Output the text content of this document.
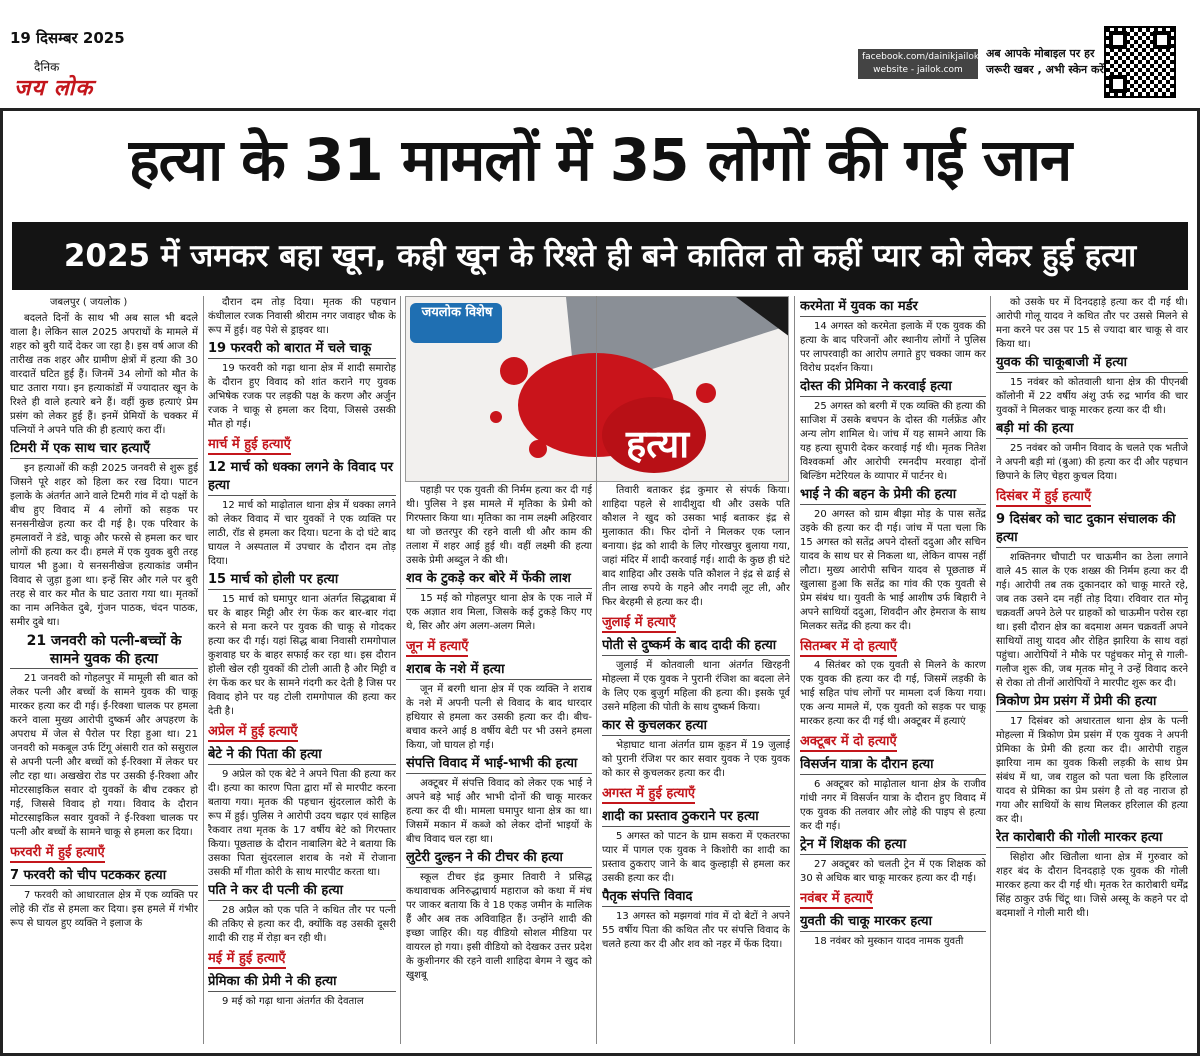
19 दिसम्बर 2025
दैनिक
जय लोक
facebook.com/dainikjailok
website - jailok.com
अब आपके मोबाइल पर हर
जरूरी खबर , अभी स्केन करें
हत्या के 31 मामलों में 35 लोगों की गई जान
2025 में जमकर बहा खून, कही खून के रिश्ते ही बने कातिल तो कहीं प्यार को लेकर हुई हत्या
जयलोक विशेष
हत्या

जबलपुर ( जयलोक )

बदलते दिनों के साथ भी अब साल भी बदले वाला है। लेकिन साल 2025 अपराधों के मामले में शहर को बुरी यादें देकर जा रहा है। इस वर्ष आज की तारीख तक शहर और ग्रामीण क्षेत्रों में हत्या की 30 वारदातें घटित हुई हैं। जिनमें 34 लोगों को मौत के घाट उतारा गया। इन हत्याकांडों में ज्यादातर खून के रिश्ते ही वाले हत्यारे बने हैं। वहीं कुछ हत्याएं प्रेम प्रसंग को लेकर हुई हैं। इनमें प्रेमियों के चक्कर में पत्नियों ने अपने पति की ही हत्याएं करा दीं।

टिमरी में एक साथ चार हत्याएँ

इन हत्याओं की कड़ी 2025 जनवरी से शुरू हुई जिसने पूरे शहर को हिला कर रख दिया। पाटन इलाके के अंतर्गत आने वाले टिमरी गांव में दो पक्षों के बीच हुए विवाद में 4 लोगों को सड़क पर सनसनीखेज हत्या कर दी गई है। एक परिवार के हमलावरों ने डंडे, चाकू और फरसे से हमला कर चार लोगों की हत्या कर दी। हमले में एक युवक बुरी तरह घायल भी हुआ। ये सनसनीखेज हत्याकांड जमीन विवाद से जुड़ा हुआ था। इन्हें सिर और गले पर बुरी तरह से वार कर मौत के घाट उतारा गया था। मृतकों का नाम अनिकेत दुबे, गुंजन पाठक, चंदन पाठक, समीर दुबे था।

21 जनवरी को पत्नी-बच्चों के सामने युवक की हत्या

21 जनवरी को गोहलपुर में मामूली सी बात को लेकर पत्नी और बच्चों के सामने युवक की चाकू मारकर हत्या कर दी गई। ई-रिक्शा चालक पर हमला करने वाला मुख्य आरोपी दुष्कर्म और अपहरण के अपराध में जेल से पैरोल पर रिहा हुआ था। 21 जनवरी को मकबूल उर्फ टिंगू अंसारी रात को ससुराल से अपनी पत्नी और बच्चों को ई-रिक्शा में लेकर घर लौट रहा था। अखखेरा रोड पर उसकी ई-रिक्शा और मोटरसाइकिल सवार दो युवकों के बीच टक्कर हो गई, जिससे विवाद हो गया। विवाद के दौरान मोटरसाइकिल सवार युवकों ने ई-रिक्शा चालक पर पत्नी और बच्चों के सामने चाकू से हमला कर दिया।

फरवरी में हुई हत्याएँ
7 फरवरी को चीप पटककर हत्या

7 फरवरी को आधारताल क्षेत्र में एक व्यक्ति पर लोहे की रॉड से हमला कर दिया। इस हमले में गंभीर रूप से घायल हुए व्यक्ति ने इलाज के

दौरान दम तोड़ दिया। मृतक की पहचान कंधीलाल रजक निवासी श्रीराम नगर जवाहर चौक के रूप में हुई। वह पेशे से ड्राइवर था।

19 फरवरी को बारात में चले चाकू

19 फरवरी को गढ़ा थाना क्षेत्र में शादी समारोह के दौरान हुए विवाद को शांत कराने गए युवक अभिषेक रजक पर लड़की पक्ष के करण और अर्जुन रजक ने चाकू से हमला कर दिया, जिससे उसकी मौत हो गई।

मार्च में हुई हत्याएँ
12 मार्च को धक्का लगने के विवाद पर हत्या

12 मार्च को माढ़ोताल थाना क्षेत्र में धक्का लगने को लेकर विवाद में चार युवकों ने एक व्यक्ति पर लाठी, रॉड से हमला कर दिया। घटना के दो घंटे बाद घायल ने अस्पताल में उपचार के दौरान दम तोड़ दिया।

15 मार्च को होली पर हत्या

15 मार्च को घमापुर थाना अंतर्गत सिद्धबाबा में घर के बाहर मिट्टी और रंग फेंक कर बार-बार गंदा करने से मना करने पर युवक की चाकू से गोदकर हत्या कर दी गई। यहां सिद्ध बाबा निवासी रामगोपाल कुशवाह घर के बाहर सफाई कर रहा था। इस दौरान होली खेल रही युवकों की टोली आती है और मिट्टी व रंग फेंक कर घर के सामने गंदगी कर देती है जिस पर विवाद होने पर यह टोली रामगोपाल की हत्या कर देती है।

अप्रेल में हुई हत्याएँ
बेटे ने की पिता की हत्या

9 अप्रेल को एक बेटे ने अपने पिता की हत्या कर दी। हत्या का कारण पिता द्वारा माँ से मारपीट करना बताया गया। मृतक की पहचान सुंदरलाल कोरी के रूप में हुई। पुलिस ने आरोपी उदय चढ़ार एवं साहिल रैकवार तथा मृतक के 17 वर्षीय बेटे को गिरफ्तार किया। पूछताछ के दौरान नाबालिग बेटे ने बताया कि उसका पिता सुंदरलाल शराब के नशे में रोजाना उसकी माँ गीता कोरी के साथ मारपीट करता था।

पति ने कर दी पत्नी की हत्या

28 अप्रैल को एक पति ने कथित तौर पर पत्नी की तकिए से हत्या कर दी, क्योंकि वह उसकी दूसरी शादी की राह में रोड़ा बन रही थी।

मई में हुई हत्याएँ
प्रेमिका की प्रेमी ने की हत्या

9 मई को गढ़ा थाना अंतर्गत की देवताल

पहाड़ी पर एक युवती की निर्मम हत्या कर दी गई थी। पुलिस ने इस मामले में मृतिका के प्रेमी को गिरफ्तार किया था। मृतिका का नाम लक्ष्मी अहिरवार था जो छतरपुर की रहने वाली थी और काम की तलाश में शहर आई हुई थी। वहीं लक्ष्मी की हत्या उसके प्रेमी अब्दुल ने की थी।

शव के टुकड़े कर बोरे में फेंकी लाश

15 मई को गोहलपुर थाना क्षेत्र के एक नाले में एक अज्ञात शव मिला, जिसके कई टुकड़े किए गए थे, सिर और अंग अलग-अलग मिले।

जून में हत्याएँ
शराब के नशे में हत्या

जून में बरगी थाना क्षेत्र में एक व्यक्ति ने शराब के नशे में अपनी पत्नी से विवाद के बाद धारदार हथियार से हमला कर उसकी हत्या कर दी। बीच-बचाव करने आई 8 वर्षीय बेटी पर भी उसने हमला किया, जो घायल हो गई।

संपत्ति विवाद में भाई-भाभी की हत्या

अक्टूबर में संपत्ति विवाद को लेकर एक भाई ने अपने बड़े भाई और भाभी दोनों की चाकू मारकर हत्या कर दी थी। मामला घमापुर थाना क्षेत्र का था। जिसमें मकान में कब्जे को लेकर दोनों भाइयों के बीच विवाद चल रहा था।

लुटेरी दुल्हन ने की टीचर की हत्या

स्कूल टीचर इंद्र कुमार तिवारी ने प्रसिद्ध कथावाचक अनिरुद्धाचार्य महाराज को कथा में मंच पर जाकर बताया कि वे 18 एकड़ जमीन के मालिक हैं और अब तक अविवाहित हैं। उन्होंने शादी की इच्छा जाहिर की। यह वीडियो सोशल मीडिया पर वायरल हो गया। इसी वीडियो को देखकर उत्तर प्रदेश के कुशीनगर की रहने वाली शाहिदा बेगम ने खुद को खुशबू

तिवारी बताकर इंद्र कुमार से संपर्क किया। शाहिदा पहले से शादीशुदा थी और उसके पति कौशल ने खुद को उसका भाई बताकर इंद्र से मुलाकात की। फिर दोनों ने मिलकर एक प्लान बनाया। इंद्र को शादी के लिए गोरखपुर बुलाया गया, जहां मंदिर में शादी करवाई गई। शादी के कुछ ही घंटे बाद शाहिदा और उसके पति कौशल ने इंद्र से ढाई से तीन लाख रुपये के गहने और नगदी लूट ली, और फिर बेरहमी से हत्या कर दी।

जुलाई में हत्याएँ
पोती से दुष्कर्म के बाद दादी की हत्या

जुलाई में कोतवाली थाना अंतर्गत खिरहनी मोहल्ला में एक युवक ने पुरानी रंजिश का बदला लेने के लिए एक बुजुर्ग महिला की हत्या की। इसके पूर्व उसने महिला की पोती के साथ दुष्कर्म किया।

कार से कुचलकर हत्या

भेड़ाघाट थाना अंतर्गत ग्राम कूड़न में 19 जुलाई को पुरानी रंजिश पर कार सवार युवक ने एक युवक को कार से कुचलकर हत्या कर दी।

अगस्त में हुई हत्याएँ
शादी का प्रस्ताव ठुकराने पर हत्या

5 अगस्त को पाटन के ग्राम सकरा में एकतरफा प्यार में पागल एक युवक ने किशोरी का शादी का प्रस्ताव ठुकराए जाने के बाद कुल्हाड़ी से हमला कर उसकी हत्या कर दी।

पैतृक संपत्ति विवाद

13 अगस्त को मझगवां गांव में दो बेटों ने अपने 55 वर्षीय पिता की कथित तौर पर संपत्ति विवाद के चलते हत्या कर दी और शव को नहर में फेंक दिया।

करमेता में युवक का मर्डर

14 अगस्त को करमेता इलाके में एक युवक की हत्या के बाद परिजनों और स्थानीय लोगों ने पुलिस पर लापरवाही का आरोप लगाते हुए चक्का जाम कर विरोध प्रदर्शन किया।

दोस्त की प्रेमिका ने करवाई हत्या

25 अगस्त को बरगी में एक व्यक्ति की हत्या की साजिश में उसके बचपन के दोस्त की गर्लफ्रेंड और अन्य लोग शामिल थे। जांच में यह सामने आया कि यह हत्या सुपारी देकर करवाई गई थी। मृतक नितेश विश्वकर्मा और आरोपी रमनदीप मरवाहा दोनों बिल्डिंग मटेरियल के व्यापार में पार्टनर थे।

भाई ने की बहन के प्रेमी की हत्या

20 अगस्त को ग्राम बीझा मोड़ के पास सतेंद्र उइके की हत्या कर दी गई। जांच में पता चला कि 15 अगस्त को सतेंद्र अपने दोस्तों ददुआ और सचिन यादव के साथ घर से निकला था, लेकिन वापस नहीं लौटा। मुख्य आरोपी सचिन यादव से पूछताछ में खुलासा हुआ कि सतेंद्र का गांव की एक युवती से प्रेम संबंध था। युवती के भाई आशीष उर्फ बिहारी ने अपने साथियों ददुआ, शिवदीन और हेमराज के साथ मिलकर सतेंद्र की हत्या कर दी।

सितम्बर में दो हत्याएँ

4 सितंबर को एक युवती से मिलने के कारण एक युवक की हत्या कर दी गई, जिसमें लड़की के भाई सहित पांच लोगों पर मामला दर्ज किया गया। एक अन्य मामले में, एक युवती को सड़क पर चाकू मारकर हत्या कर दी गई थी। अक्टूबर में हत्याएं

अक्टूबर में दो हत्याएँ
विसर्जन यात्रा के दौरान हत्या

6 अक्टूबर को माढ़ोताल थाना क्षेत्र के राजीव गांधी नगर में विसर्जन यात्रा के दौरान हुए विवाद में एक युवक की तलवार और लोहे की पाइप से हत्या कर दी गई।

ट्रेन में शिक्षक की हत्या

27 अक्टूबर को चलती ट्रेन में एक शिक्षक को 30 से अधिक बार चाकू मारकर हत्या कर दी गई।

नवंबर में हत्याएँ
युवती की चाकू मारकर हत्या

18 नवंबर को मुस्कान यादव नामक युवती

को उसके घर में दिनदहाड़े हत्या कर दी गई थी। आरोपी गोलू यादव ने कथित तौर पर उससे मिलने से मना करने पर उस पर 15 से ज्यादा बार चाकू से वार किया था।

युवक की चाकूबाजी में हत्या

15 नवंबर को कोतवाली थाना क्षेत्र की पीएनबी कॉलोनी में 22 वर्षीय अंशु उर्फ रुद्र भार्गव की चार युवकों ने मिलकर चाकू मारकर हत्या कर दी थी।

बड़ी मां की हत्या

25 नवंबर को जमीन विवाद के चलते एक भतीजे ने अपनी बड़ी मां (बुआ) की हत्या कर दी और पहचान छिपाने के लिए चेहरा कुचल दिया।

दिसंबर में हुई हत्याएँ
9 दिसंबर को चाट दुकान संचालक की हत्या

शक्तिनगर चौपाटी पर चाऊमीन का ठेला लगाने वाले 45 साल के एक शख्स की निर्मम हत्या कर दी गई। आरोपी तब तक दुकानदार को चाकू मारते रहे, जब तक उसने दम नहीं तोड़ दिया। रविवार रात मोनू चक्रवर्ती अपने ठेले पर ग्राहकों को चाऊमीन परोस रहा था। इसी दौरान क्षेत्र का बदमाश अमन चक्रवर्ती अपने साथियों ताशु यादव और रोहित झारिया के साथ वहां पहुंचा। आरोपियों ने मौके पर पहुंचकर मोनू से गाली-गलौज शुरू की, जब मृतक मोनू ने उन्हें विवाद करने से रोका तो तीनों आरोपियों ने मारपीट शुरू कर दी।

त्रिकोण प्रेम प्रसंग में प्रेमी की हत्या

17 दिसंबर को अधारताल थाना क्षेत्र के पत्नी मोहल्ला में त्रिकोण प्रेम प्रसंग में एक युवक ने अपनी प्रेमिका के प्रेमी की हत्या कर दी। आरोपी राहुल झारिया नाम का युवक किसी लड़की के साथ प्रेम संबंध में था, जब राहुल को पता चला कि हरिलाल यादव से प्रेमिका का प्रेम प्रसंग है तो वह नाराज हो गया और साथियों के साथ मिलकर हरिलाल की हत्या कर दी।

रेत कारोबारी की गोली मारकर हत्या

सिहोरा और खितौला थाना क्षेत्र में गुरुवार को शहर बंद के दौरान दिनदहाड़े एक युवक की गोली मारकर हत्या कर दी गई थी। मृतक रेत कारोबारी धर्मेंद्र सिंह ठाकुर उर्फ चिंटू था। जिसे अस्सू के कहने पर दो बदमाशों ने गोली मारी थी।
